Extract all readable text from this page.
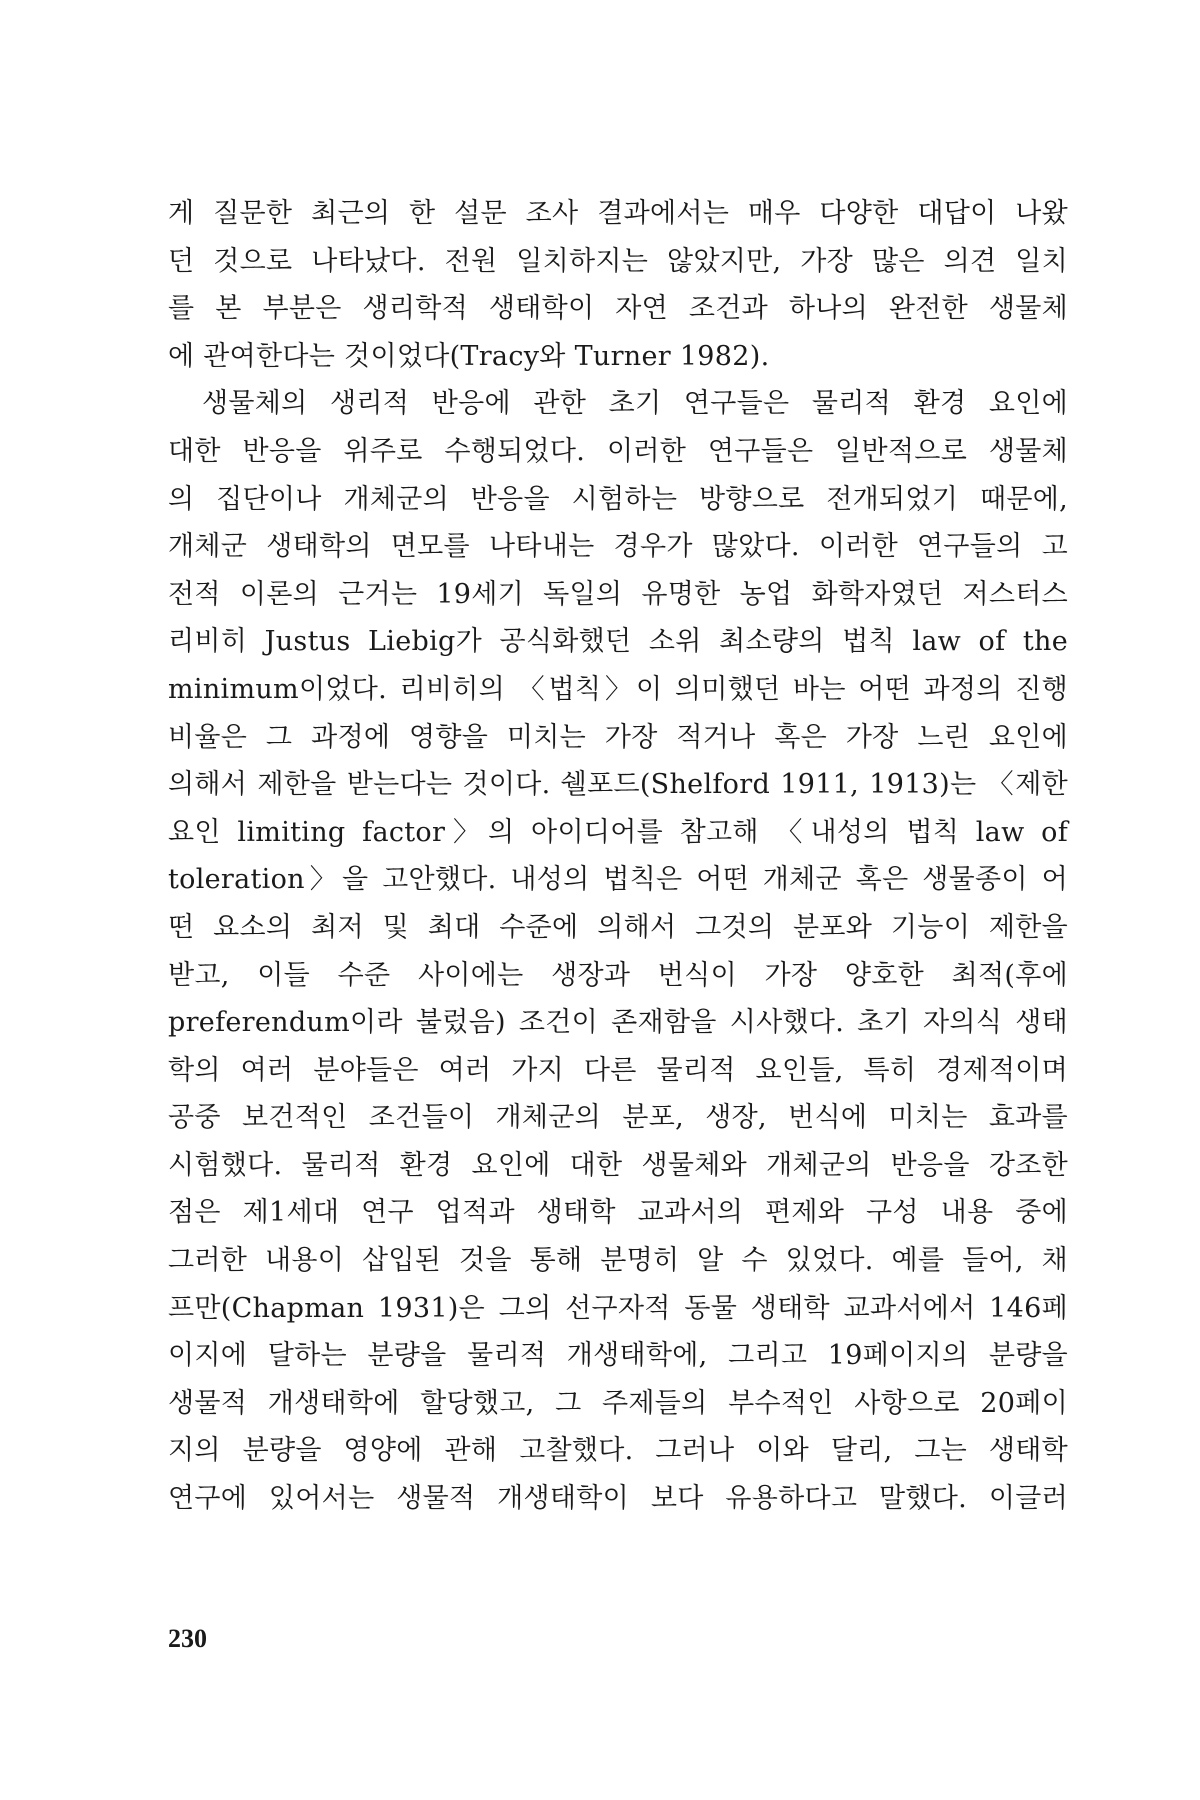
게 질문한 최근의 한 설문 조사 결과에서는 매우 다양한 대답이 나왔
던 것으로 나타났다. 전원 일치하지는 않았지만, 가장 많은 의견 일치
를 본 부분은 생리학적 생태학이 자연 조건과 하나의 완전한 생물체
에 관여한다는 것이었다(Tracy와 Turner 1982).
생물체의 생리적 반응에 관한 초기 연구들은 물리적 환경 요인에
대한 반응을 위주로 수행되었다. 이러한 연구들은 일반적으로 생물체
의 집단이나 개체군의 반응을 시험하는 방향으로 전개되었기 때문에,
개체군 생태학의 면모를 나타내는 경우가 많았다. 이러한 연구들의 고
전적 이론의 근거는 19세기 독일의 유명한 농업 화학자였던 저스터스
리비히 Justus Liebig가 공식화했던 소위 최소량의 법칙 law of the
minimum이었다. 리비히의 〈법칙〉이 의미했던 바는 어떤 과정의 진행
비율은 그 과정에 영향을 미치는 가장 적거나 혹은 가장 느린 요인에
의해서 제한을 받는다는 것이다. 쉘포드(Shelford 1911, 1913)는 〈제한
요인 limiting factor〉의 아이디어를 참고해 〈내성의 법칙 law of
toleration〉을 고안했다. 내성의 법칙은 어떤 개체군 혹은 생물종이 어
떤 요소의 최저 및 최대 수준에 의해서 그것의 분포와 기능이 제한을
받고, 이들 수준 사이에는 생장과 번식이 가장 양호한 최적(후에
preferendum이라 불렀음) 조건이 존재함을 시사했다. 초기 자의식 생태
학의 여러 분야들은 여러 가지 다른 물리적 요인들, 특히 경제적이며
공중 보건적인 조건들이 개체군의 분포, 생장, 번식에 미치는 효과를
시험했다. 물리적 환경 요인에 대한 생물체와 개체군의 반응을 강조한
점은 제1세대 연구 업적과 생태학 교과서의 편제와 구성 내용 중에
그러한 내용이 삽입된 것을 통해 분명히 알 수 있었다. 예를 들어, 채
프만(Chapman 1931)은 그의 선구자적 동물 생태학 교과서에서 146페
이지에 달하는 분량을 물리적 개생태학에, 그리고 19페이지의 분량을
생물적 개생태학에 할당했고, 그 주제들의 부수적인 사항으로 20페이
지의 분량을 영양에 관해 고찰했다. 그러나 이와 달리, 그는 생태학
연구에 있어서는 생물적 개생태학이 보다 유용하다고 말했다. 이글러
230
